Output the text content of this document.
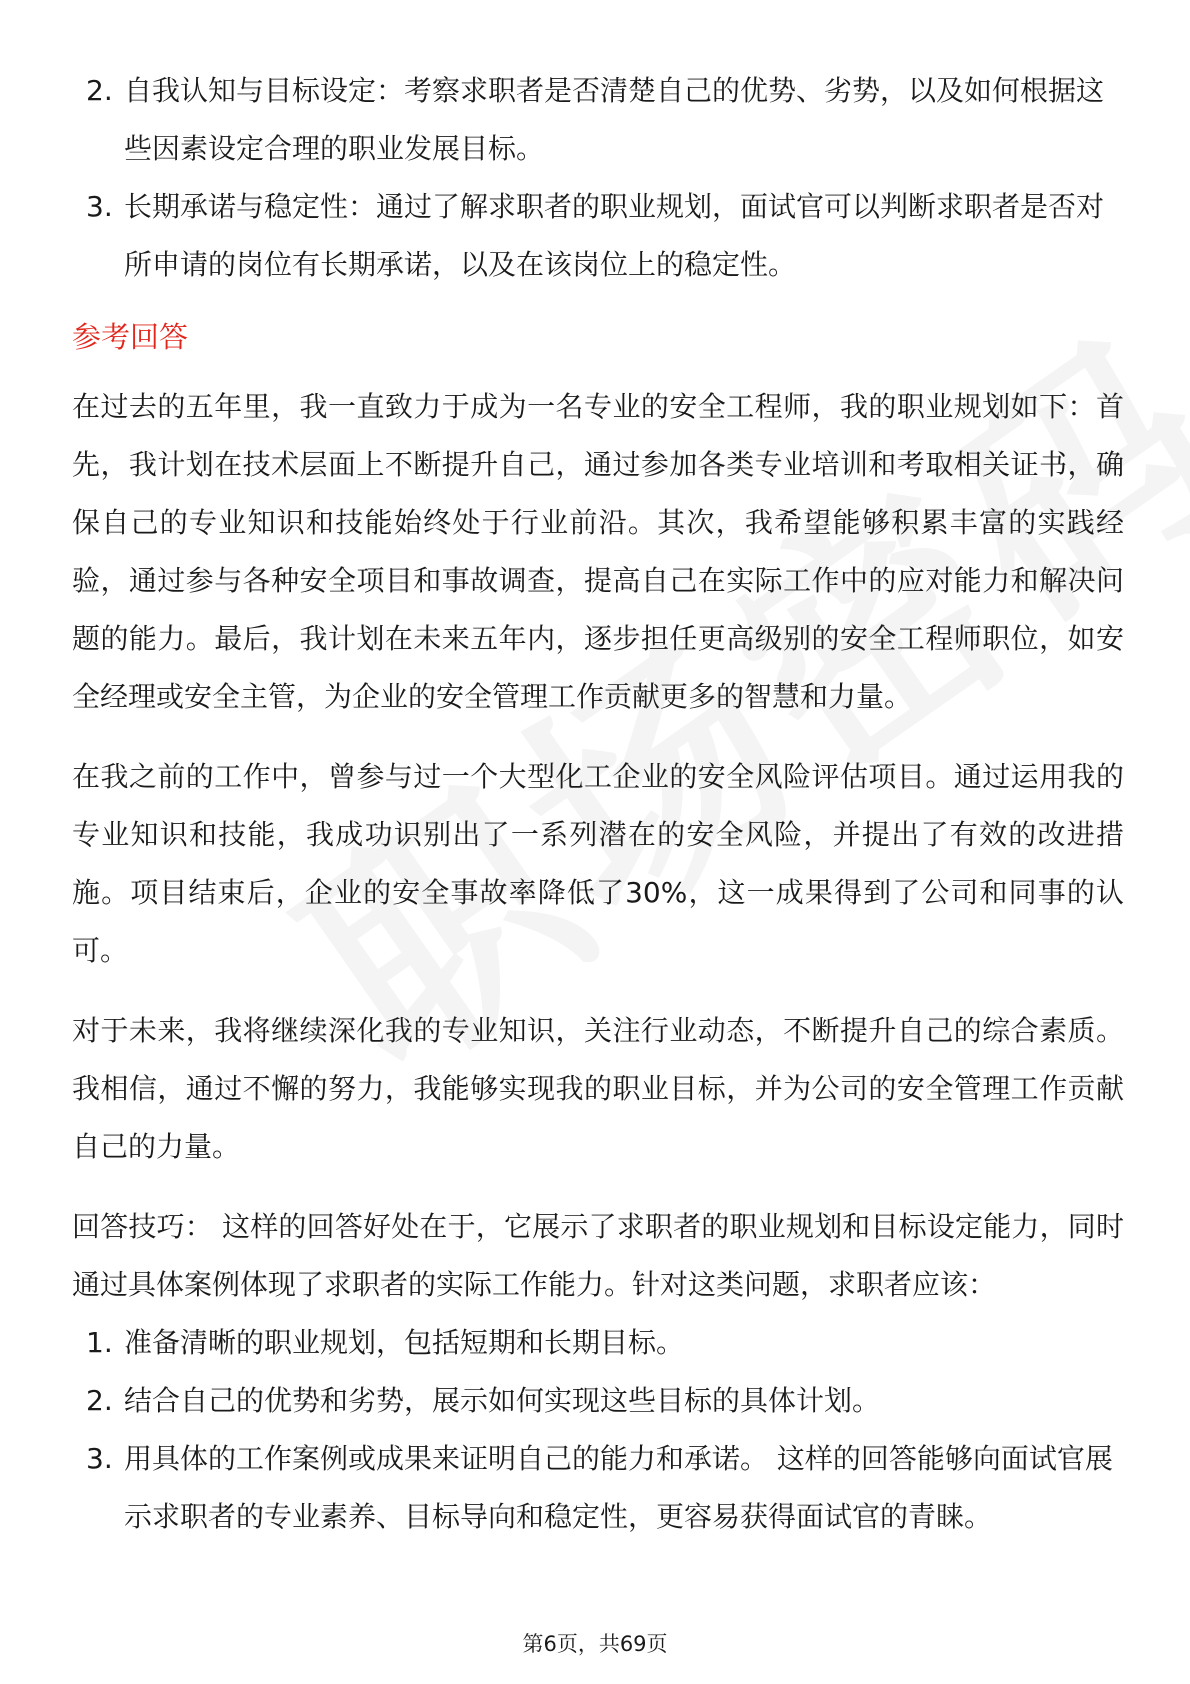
2. 自我认知与目标设定：考察求职者是否清楚自己的优势、劣势，以及如何根据这些因素设定合理的职业发展目标。
3. 长期承诺与稳定性：通过了解求职者的职业规划，面试官可以判断求职者是否对所申请的岗位有长期承诺，以及在该岗位上的稳定性。
参考回答

在过去的五年里，我一直致力于成为一名专业的安全工程师，我的职业规划如下：首先，我计划在技术层面上不断提升自己，通过参加各类专业培训和考取相关证书，确保自己的专业知识和技能始终处于行业前沿。其次，我希望能够积累丰富的实践经验，通过参与各种安全项目和事故调查，提高自己在实际工作中的应对能力和解决问题的能力。最后，我计划在未来五年内，逐步担任更高级别的安全工程师职位，如安全经理或安全主管，为企业的安全管理工作贡献更多的智慧和力量。

在我之前的工作中，曾参与过一个大型化工企业的安全风险评估项目。通过运用我的专业知识和技能，我成功识别出了一系列潜在的安全风险，并提出了有效的改进措施。项目结束后，企业的安全事故率降低了30%，这一成果得到了公司和同事的认可。

对于未来，我将继续深化我的专业知识，关注行业动态，不断提升自己的综合素质。我相信，通过不懈的努力，我能够实现我的职业目标，并为公司的安全管理工作贡献自己的力量。

回答技巧： 这样的回答好处在于，它展示了求职者的职业规划和目标设定能力，同时通过具体案例体现了求职者的实际工作能力。针对这类问题，求职者应该：

1. 准备清晰的职业规划，包括短期和长期目标。
2. 结合自己的优势和劣势，展示如何实现这些目标的具体计划。
3. 用具体的工作案例或成果来证明自己的能力和承诺。 这样的回答能够向面试官展示求职者的专业素养、目标导向和稳定性，更容易获得面试官的青睐。
第6页，共69页
